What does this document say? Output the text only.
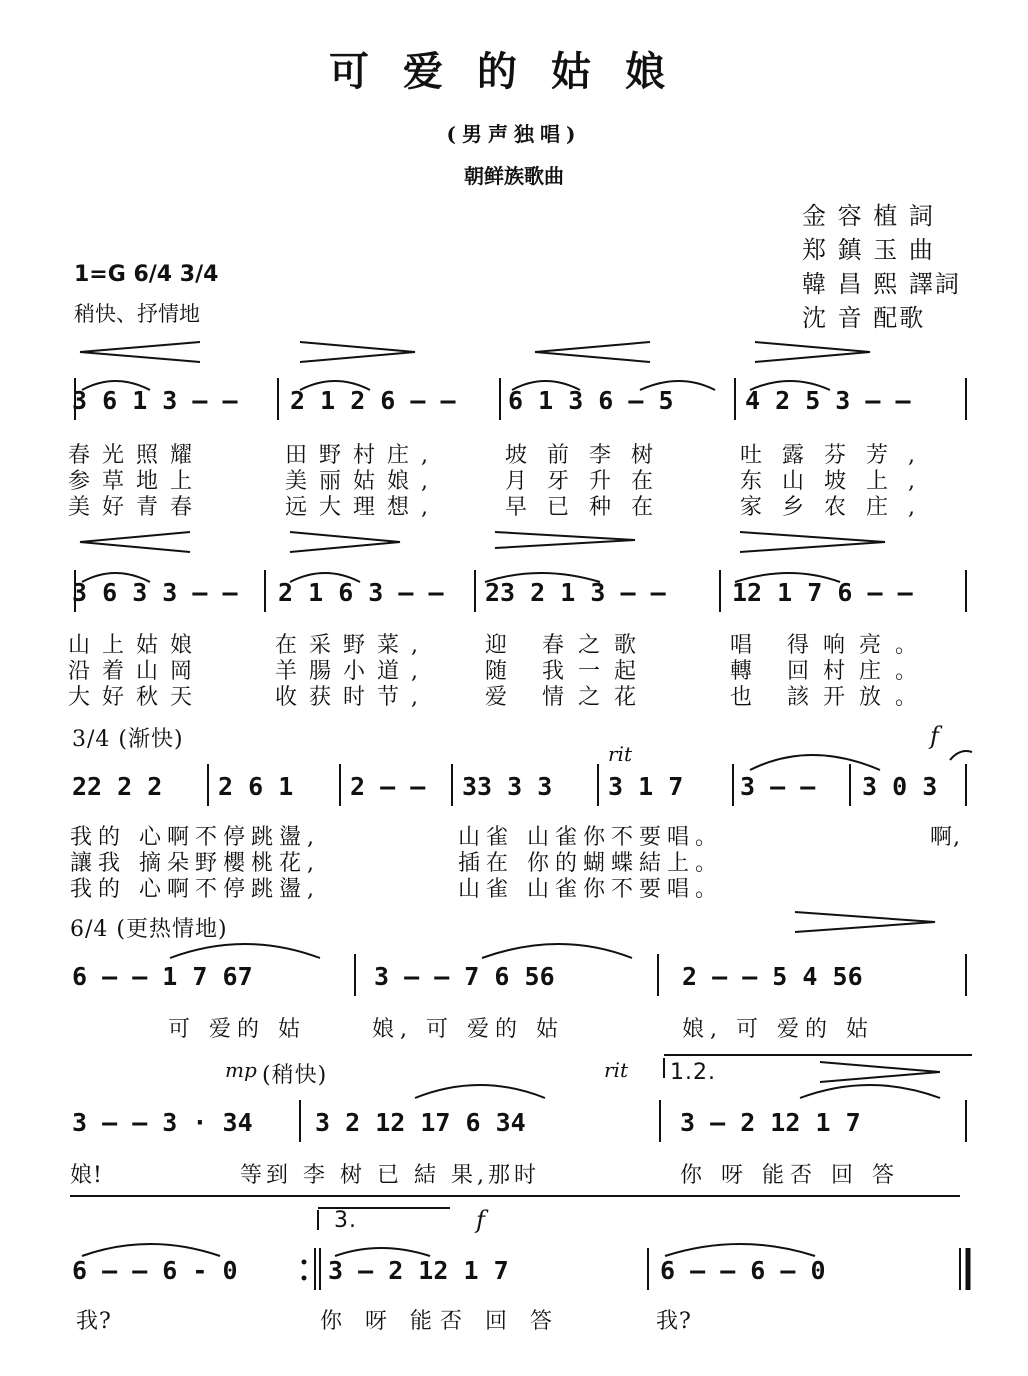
可爱的姑娘
(男声独唱)
朝鲜族歌曲
金 容 植 詞
郑 鎮 玉 曲
韓 昌 熙 譯詞
沈 音 配歌
1=G 6/4 3/4
稍快、抒情地
3 6 1 3 — — 2 1 2 6 — — 6 1 3 6 — 5	4 2 5 3 — —
春光照耀	田野村庄,	坡前李树	吐露芬芳,
参草地上	美丽姑娘,	月牙升在	东山坡上,
美好青春	远大理想,	早已种在	家乡农庄,
3 6 3 3 — — 2 1 6 3 — — 23 2 1 3 — —	12 1 7 6 — —
山上姑娘	在采野菜,	迎 春之歌	唱 得响亮。
沿着山岡	羊腸小道,	随 我一起	轉 回村庄。
大好秋天	收获时节,	爱 情之花	也 該开放。
3/4 (渐快)
rit
f
22 2 2 2 6 1 2 — — 33 3 3 3 1 7 3 — — 3 0 3
我的 心啊不停跳盪,	山雀 山雀你不要唱。	啊,
讓我 摘朵野櫻桃花,	插在 你的蝴蝶結上。
我的 心啊不停跳盪,	山雀 山雀你不要唱。
6/4 (更热情地)
6 — — 1 7 67	3 — — 7 6 56	2 — — 5 4 56
可 爱的 姑	娘, 可 爱的 姑	娘, 可 爱的 姑
mp (稍快)	rit 1.2.
3 — — 3 · 34 3 2 12 17 6 34	3 — 2 12 1 7
娘!	等到 李 树 已 結 果,那时	你 呀 能否 回 答
3.	f
6 — — 6 - 0	3 — 2 12 1 7	6 — — 6 — 0
我?	你 呀 能否 回 答	我?
